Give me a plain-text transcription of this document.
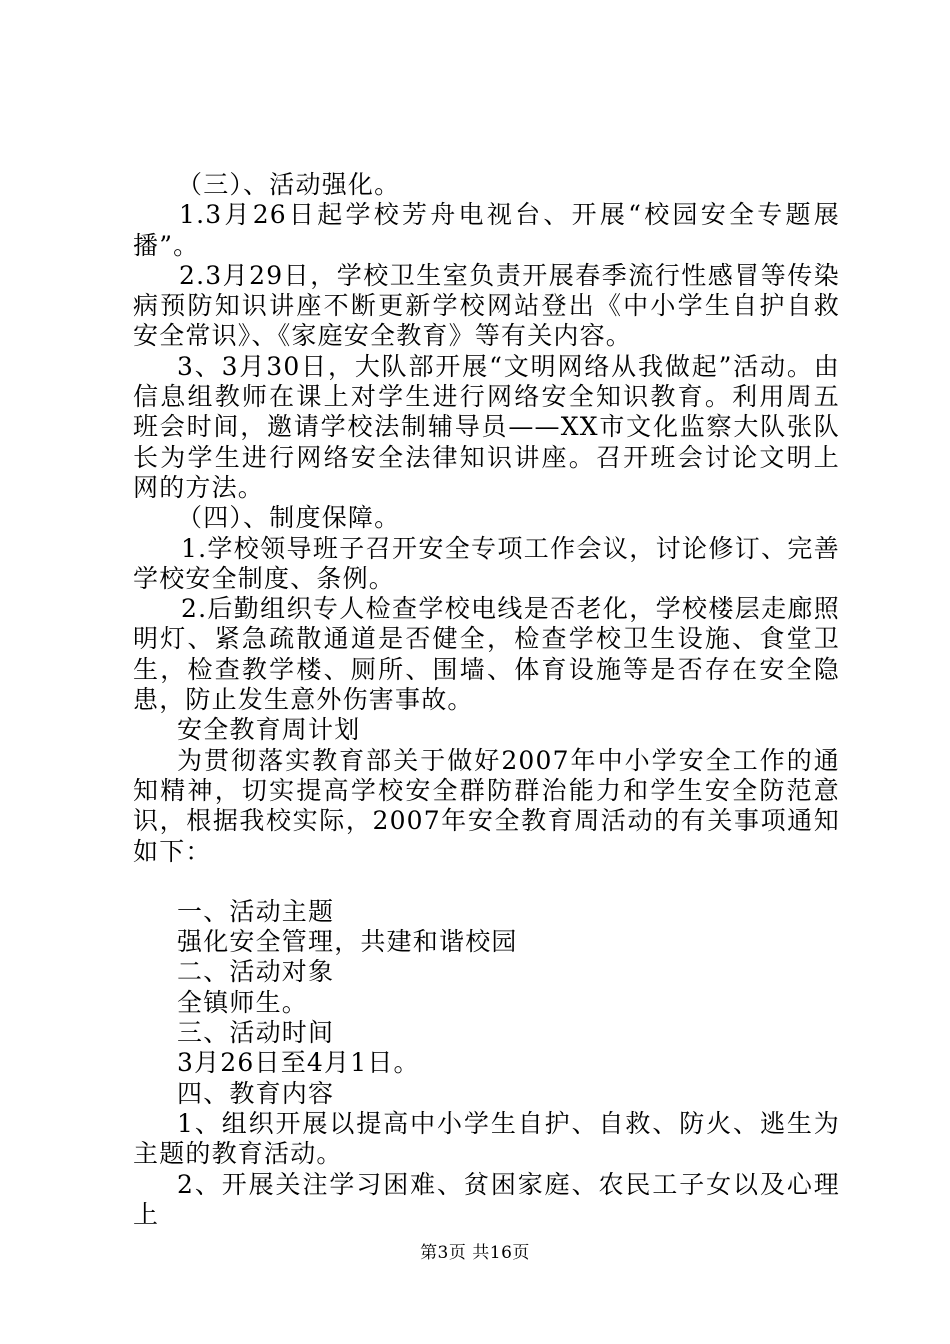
（三）、活动强化。

1.3月26日起学校芳舟电视台、开展“校园安全专题展播”。

2.3月29日，学校卫生室负责开展春季流行性感冒等传染病预防知识讲座不断更新学校网站登出《中小学生自护自救安全常识》、《家庭安全教育》等有关内容。

3、3月30日，大队部开展“文明网络从我做起”活动。由信息组教师在课上对学生进行网络安全知识教育。利用周五班会时间，邀请学校法制辅导员——XX市文化监察大队张队长为学生进行网络安全法律知识讲座。召开班会讨论文明上网的方法。

（四）、制度保障。

1.学校领导班子召开安全专项工作会议，讨论修订、完善学校安全制度、条例。

2.后勤组织专人检查学校电线是否老化，学校楼层走廊照明灯、紧急疏散通道是否健全，检查学校卫生设施、食堂卫生，检查教学楼、厕所、围墙、体育设施等是否存在安全隐患，防止发生意外伤害事故。

安全教育周计划

为贯彻落实教育部关于做好2007年中小学安全工作的通知精神，切实提高学校安全群防群治能力和学生安全防范意识，根据我校实际，2007年安全教育周活动的有关事项通知如下：

一、活动主题

强化安全管理，共建和谐校园

二、活动对象

全镇师生。

三、活动时间

3月26日至4月1日。

四、教育内容

1、组织开展以提高中小学生自护、自救、防火、逃生为主题的教育活动。

2、开展关注学习困难、贫困家庭、农民工子女以及心理上

第3页 共16页
